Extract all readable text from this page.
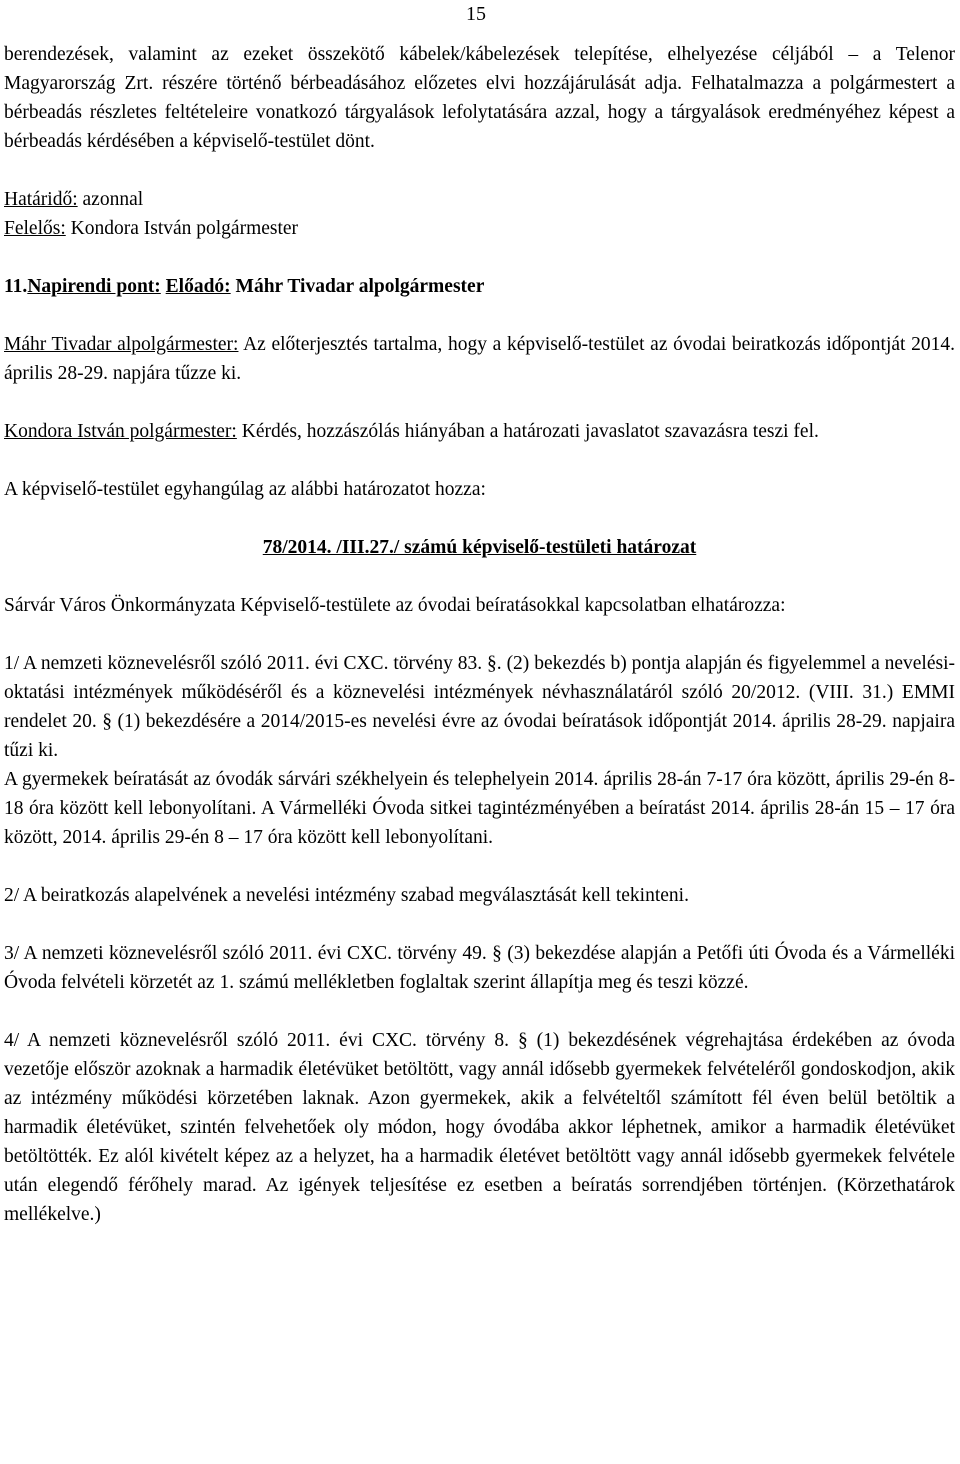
15

berendezések, valamint az ezeket összekötő kábelek/kábelezések telepítése, elhelyezése céljából – a Telenor Magyarország Zrt. részére történő bérbeadásához előzetes elvi hozzájárulását adja. Felhatalmazza a polgármestert a bérbeadás részletes feltételeire vonatkozó tárgyalások lefolytatására azzal, hogy a tárgyalások eredményéhez képest a bérbeadás kérdésében a képviselő-testület dönt.

Határidő: azonnal

Felelős: Kondora István polgármester

11.Napirendi pont: Előadó: Máhr Tivadar alpolgármester

Máhr Tivadar alpolgármester: Az előterjesztés tartalma, hogy a képviselő-testület az óvodai beiratkozás időpontját 2014. április 28-29. napjára tűzze ki.

Kondora István polgármester: Kérdés, hozzászólás hiányában a határozati javaslatot szavazásra teszi fel.

A képviselő-testület egyhangúlag az alábbi határozatot hozza:

78/2014. /III.27./ számú képviselő-testületi határozat

Sárvár Város Önkormányzata Képviselő-testülete az óvodai beíratásokkal kapcsolatban elhatározza:

1/ A nemzeti köznevelésről szóló 2011. évi CXC. törvény 83. §. (2) bekezdés b) pontja alapján és figyelemmel a nevelési-oktatási intézmények működéséről és a köznevelési intézmények névhasználatáról szóló 20/2012. (VIII. 31.) EMMI rendelet 20. § (1) bekezdésére a 2014/2015-es nevelési évre az óvodai beíratások időpontját 2014. április 28-29. napjaira tűzi ki.

A gyermekek beíratását az óvodák sárvári székhelyein és telephelyein 2014. április 28-án 7-17 óra között, április 29-én 8-18 óra között kell lebonyolítani. A Vármelléki Óvoda sitkei tagintézményében a beíratást 2014. április 28-án 15 – 17 óra között, 2014. április 29-én 8 – 17 óra között kell lebonyolítani.

2/ A beiratkozás alapelvének a nevelési intézmény szabad megválasztását kell tekinteni.

3/ A nemzeti köznevelésről szóló 2011. évi CXC. törvény 49. § (3) bekezdése alapján a Petőfi úti Óvoda és a Vármelléki Óvoda felvételi körzetét az 1. számú mellékletben foglaltak szerint állapítja meg és teszi közzé.

4/ A nemzeti köznevelésről szóló 2011. évi CXC. törvény 8. § (1) bekezdésének végrehajtása érdekében az óvoda vezetője először azoknak a harmadik életévüket betöltött, vagy annál idősebb gyermekek felvételéről gondoskodjon, akik az intézmény működési körzetében laknak. Azon gyermekek, akik a felvételtől számított fél éven belül betöltik a harmadik életévüket, szintén felvehetőek oly módon, hogy óvodába akkor léphetnek, amikor a harmadik életévüket betöltötték. Ez alól kivételt képez az a helyzet, ha a harmadik életévet betöltött vagy annál idősebb gyermekek felvétele után elegendő férőhely marad. Az igények teljesítése ez esetben a beíratás sorrendjében történjen. (Körzethatárok mellékelve.)
